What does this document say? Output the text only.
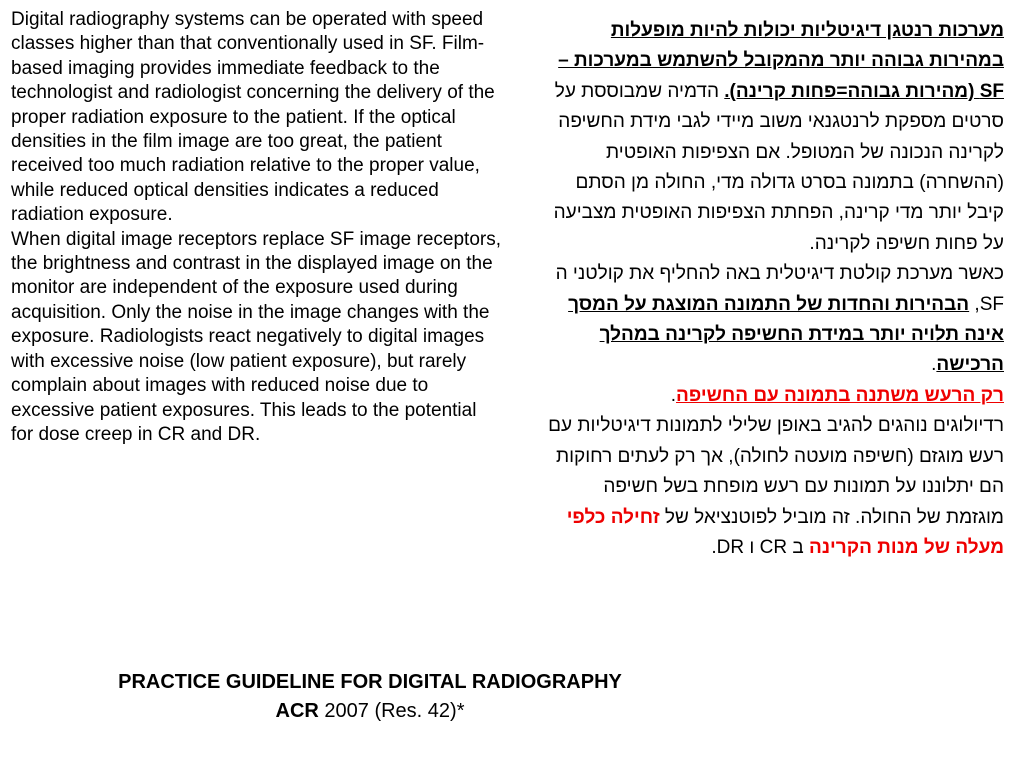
Digital radiography systems can be operated with speed classes higher than that conventionally used in SF. Film-based imaging provides immediate feedback to the technologist and radiologist concerning the delivery of the proper radiation exposure to the patient. If the optical densities in the film image are too great, the patient received too much radiation relative to the proper value, while reduced optical densities indicates a reduced radiation exposure.

When digital image receptors replace SF image receptors, the brightness and contrast in the displayed image on the monitor are independent of the exposure used during acquisition. Only the noise in the image changes with the exposure. Radiologists react negatively to digital images with excessive noise (low patient exposure), but rarely complain about images with reduced noise due to excessive patient exposures. This leads to the potential for dose creep in CR and DR.

מערכות רנטגן דיגיטליות יכולות להיות מופעלות במהירות גבוהה יותר מהמקובל להשתמש במערכות –SF (מהירות גבוהה=פחות קרינה). הדמיה שמבוססת על סרטים מספקת לרנטגנאי משוב מיידי לגבי מידת החשיפה לקרינה הנכונה של המטופל. אם הצפיפות האופטית (ההשחרה) בתמונה בסרט גדולה מדי, החולה מן הסתם קיבל יותר מדי קרינה, הפחתת הצפיפות האופטית מצביעה על פחות חשיפה לקרינה.

כאשר מערכת קולטת דיגיטלית באה להחליף את קולטני ה SF, הבהירות והחדות של התמונה המוצגת על המסך אינה תלויה יותר במידת החשיפה לקרינה במהלך הרכישה.

רק הרעש משתנה בתמונה עם החשיפה.

רדיולוגים נוהגים להגיב באופן שלילי לתמונות דיגיטליות עם רעש מוגזם (חשיפה מועטה לחולה), אך רק לעתים רחוקות הם יתלוננו על תמונות עם רעש מופחת בשל חשיפה מוגזמת של החולה. זה מוביל לפוטנציאל של זחילה כלפי מעלה של מנות הקרינה ב CR ו DR.

PRACTICE GUIDELINE FOR DIGITAL RADIOGRAPHY
ACR 2007 (Res. 42)*
